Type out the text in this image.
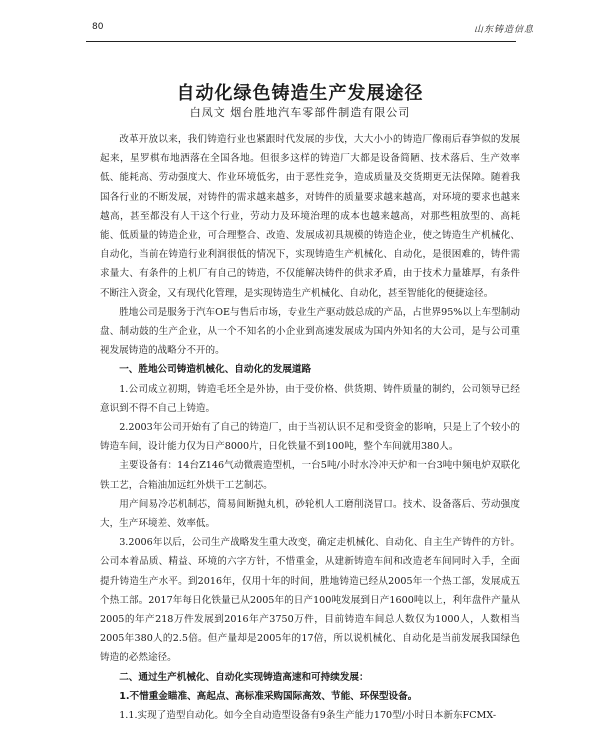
80	山东铸造信息
自动化绿色铸造生产发展途径
白凤文 烟台胜地汽车零部件制造有限公司

改革开放以来，我们铸造行业也紧跟时代发展的步伐，大大小小的铸造厂像雨后春笋似的发展起来，星罗棋布地洒落在全国各地。但很多这样的铸造厂大都是设备简陋、技术落后、生产效率低、能耗高、劳动强度大、作业环境低劣，由于恶性竞争，造成质量及交货期更无法保障。随着我国各行业的不断发展，对铸件的需求越来越多，对铸件的质量要求越来越高，对环境的要求也越来越高，甚至都没有人干这个行业，劳动力及环境治理的成本也越来越高，对那些粗放型的、高耗能、低质量的铸造企业，可合理整合、改造、发展成初具规模的铸造企业，使之铸造生产机械化、自动化，当前在铸造行业利润很低的情况下，实现铸造生产机械化、自动化，是很困难的，铸件需求量大、有条件的上机厂有自己的铸造，不仅能解决铸件的供求矛盾，由于技术力量雄厚，有条件不断注入资金，又有现代化管理，是实现铸造生产机械化、自动化，甚至智能化的便捷途径。

胜地公司是服务于汽车OE与售后市场，专业生产驱动鼓总成的产品，占世界95%以上车型制动盘、制动鼓的生产企业，从一个不知名的小企业到高速发展成为国内外知名的大公司，是与公司重视发展铸造的战略分不开的。

一、胜地公司铸造机械化、自动化的发展道路

1.公司成立初期，铸造毛坯全是外协，由于受价格、供货期、铸件质量的制约，公司领导已经意识到不得不自己上铸造。

2.2003年公司开始有了自己的铸造厂，由于当初认识不足和受资金的影响，只是上了个较小的铸造车间，设计能力仅为日产8000片，日化铁量不到100吨，整个车间就用380人。

主要设备有：14台Z146气动微震造型机，一台5吨/小时水冷冲天炉和一台3吨中频电炉双联化铁工艺，合箱油加远红外烘干工艺制芯。

用产间易冷芯机制芯，简易间断抛丸机，砂轮机人工磨削浇冒口。技术、设备落后、劳动强度大，生产环境差、效率低。

3.2006年以后，公司生产战略发生重大改变，确定走机械化、自动化、自主生产铸件的方针。公司本着品质、精益、环境的六字方针，不惜重金，从建新铸造车间和改造老车间同时入手，全面提升铸造生产水平。到2016年，仅用十年的时间，胜地铸造已经从2005年一个热工部，发展成五个热工部。2017年每日化铁量已从2005年的日产100吨发展到日产1600吨以上，利年盘件产量从2005的年产218万件发展到2016年产3750万件，目前铸造车间总人数仅为1000人，人数相当2005年380人的2.5倍。但产量却是2005年的17倍，所以说机械化、自动化是当前发展我国绿色铸造的必然途径。

二、通过生产机械化、自动化实现铸造高速和可持续发展：
1.不惜重金瞄准、高起点、高标准采购国际高效、节能、环保型设备。

1.1.实现了造型自动化。如今全自动造型设备有9条生产能力170型/小时日本新东FCMX-
